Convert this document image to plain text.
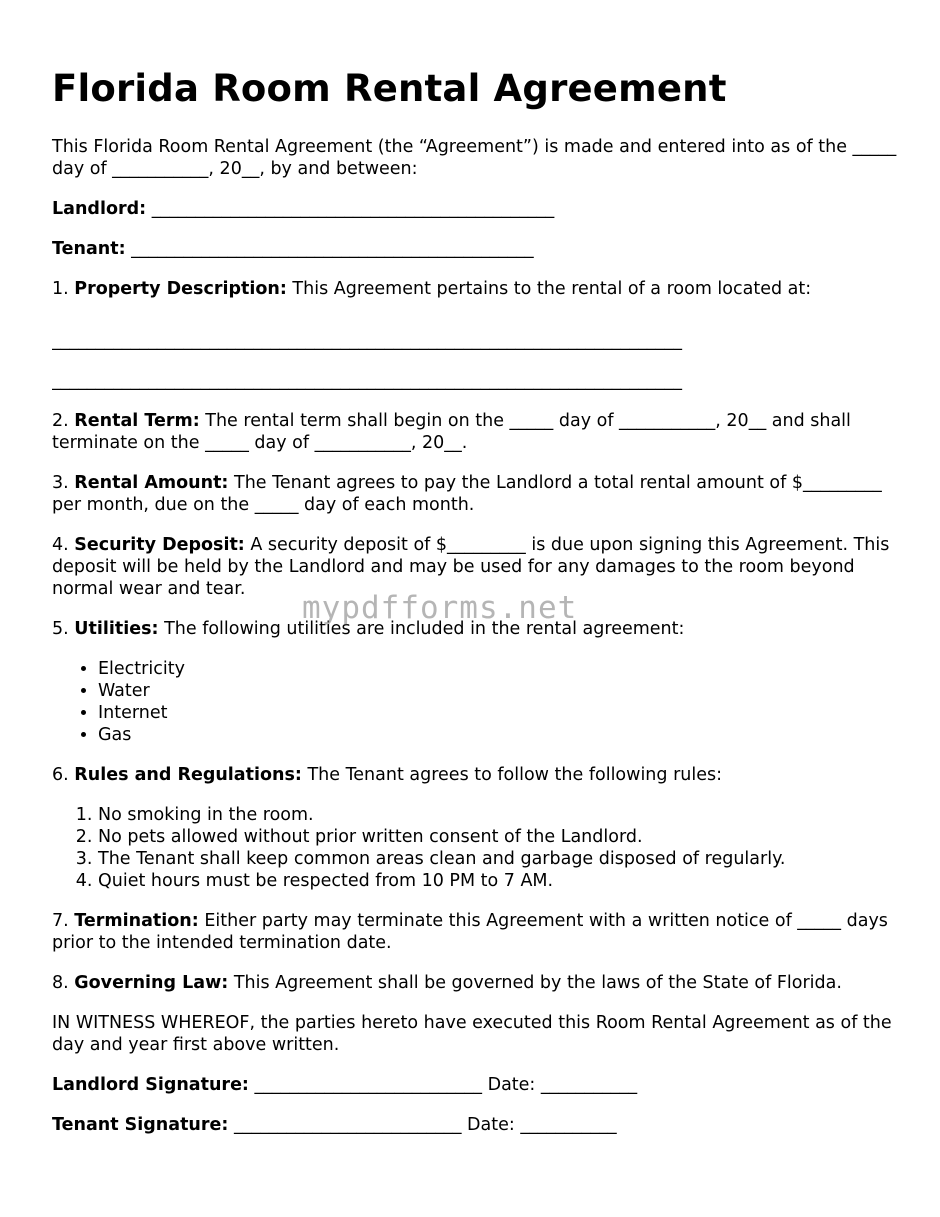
Florida Room Rental Agreement

This Florida Room Rental Agreement (the “Agreement”) is made and entered into as of the _____ day of ___________, 20__, by and between:

Landlord: ______________________________________________

Tenant: ______________________________________________

1. Property Description: This Agreement pertains to the rental of a room located at:

________________________________________________________________________
________________________________________________________________________

2. Rental Term: The rental term shall begin on the _____ day of ___________, 20__ and shall terminate on the _____ day of ___________, 20__.

3. Rental Amount: The Tenant agrees to pay the Landlord a total rental amount of $_________ per month, due on the _____ day of each month.

4. Security Deposit: A security deposit of $_________ is due upon signing this Agreement. This deposit will be held by the Landlord and may be used for any damages to the room beyond normal wear and tear.

5. Utilities: The following utilities are included in the rental agreement:

• Electricity
• Water
• Internet
• Gas

6. Rules and Regulations: The Tenant agrees to follow the following rules:

1. No smoking in the room.
2. No pets allowed without prior written consent of the Landlord.
3. The Tenant shall keep common areas clean and garbage disposed of regularly.
4. Quiet hours must be respected from 10 PM to 7 AM.

7. Termination: Either party may terminate this Agreement with a written notice of _____ days prior to the intended termination date.

8. Governing Law: This Agreement shall be governed by the laws of the State of Florida.

IN WITNESS WHEREOF, the parties hereto have executed this Room Rental Agreement as of the day and year first above written.

Landlord Signature: __________________________ Date: ___________

Tenant Signature: __________________________ Date: ___________

mypdfforms.net
